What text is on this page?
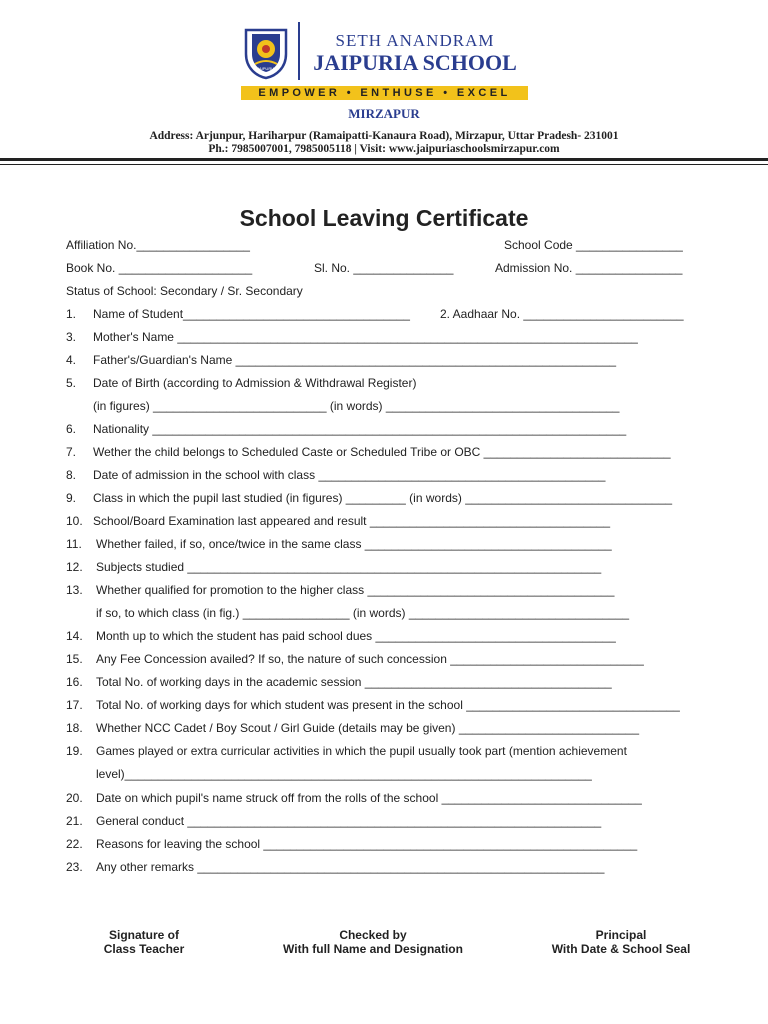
JAIPURIA
SETH ANANDRAM
JAIPURIA SCHOOL
EMPOWER • ENTHUSE • EXCEL
MIRZAPUR
Address: Arjunpur, Hariharpur (Ramaipatti-Kanaura Road), Mirzapur, Uttar Pradesh- 231001
Ph.: 7985007001, 7985005118 | Visit: www.jaipuriaschoolsmirzapur.com
School Leaving Certificate
Affiliation No._________________	School Code ________________
Book No. ____________________	Sl. No. _______________	Admission No. ________________
Status of School: Secondary / Sr. Secondary
1. Name of Student__________________________________	2. Aadhaar No. ________________________
3. Mother's Name _____________________________________________________________________
4. Father's/Guardian's Name _________________________________________________________
5. Date of Birth (according to Admission & Withdrawal Register)
(in figures) __________________________ (in words) ___________________________________
6. Nationality _______________________________________________________________________
7. Wether the child belongs to Scheduled Caste or Scheduled Tribe or OBC ____________________________
8. Date of admission in the school with class ___________________________________________
9. Class in which the pupil last studied (in figures) _________ (in words) _______________________________
10. School/Board Examination last appeared and result ____________________________________
11. Whether failed, if so, once/twice in the same class _____________________________________
12. Subjects studied ______________________________________________________________
13. Whether qualified for promotion to the higher class _____________________________________
if so, to which class (in fig.) ________________ (in words) _________________________________
14. Month up to which the student has paid school dues ____________________________________
15. Any Fee Concession availed? If so, the nature of such concession _____________________________
16. Total No. of working days in the academic session _____________________________________
17. Total No. of working days for which student was present in the school ________________________________
18. Whether NCC Cadet / Boy Scout / Girl Guide (details may be given) ___________________________
19. Games played or extra curricular activities in which the pupil usually took part (mention achievement
level)______________________________________________________________________
20. Date on which pupil's name struck off from the rolls of the school ______________________________
21. General conduct ______________________________________________________________
22. Reasons for leaving the school ________________________________________________________
23. Any other remarks _____________________________________________________________
Signature of
Class Teacher
Checked by
With full Name and Designation
Principal
With Date & School Seal
